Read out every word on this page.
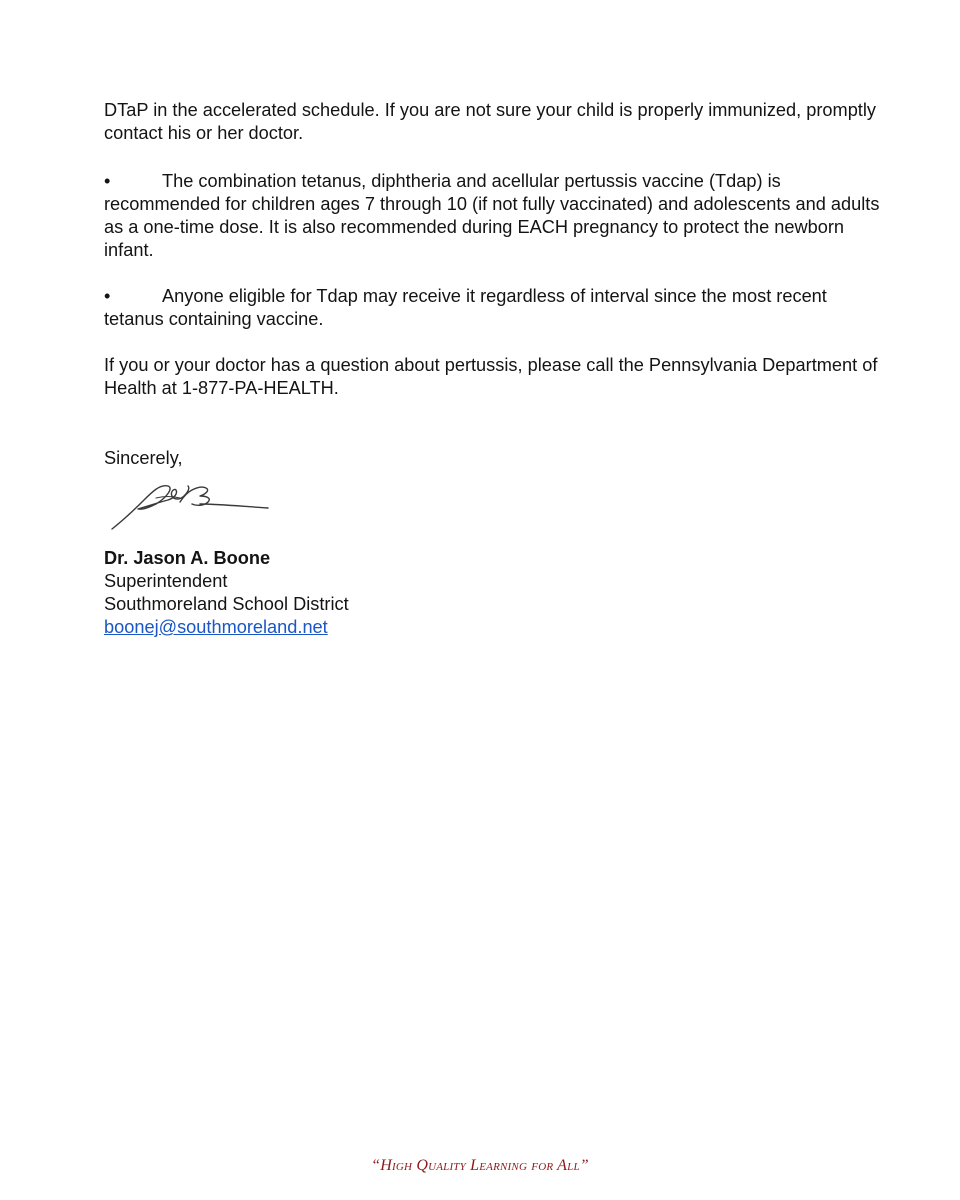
DTaP in the accelerated schedule. If you are not sure your child is properly immunized, promptly contact his or her doctor.

•	The combination tetanus, diphtheria and acellular pertussis vaccine (Tdap) is recommended for children ages 7 through 10 (if not fully vaccinated) and adolescents and adults as a one-time dose. It is also recommended during EACH pregnancy to protect the newborn infant.
•	Anyone eligible for Tdap may receive it regardless of interval since the most recent tetanus containing vaccine.

If you or your doctor has a question about pertussis, please call the Pennsylvania Department of Health at 1-877-PA-HEALTH.

Sincerely,

Dr. Jason A. Boone
Superintendent
Southmoreland School District
boonej@southmoreland.net
“High Quality Learning for All”
